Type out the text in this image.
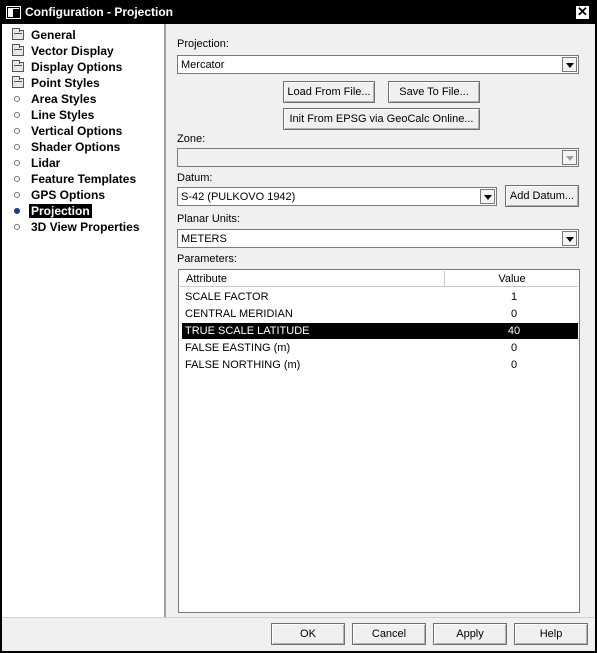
Configuration - Projection	✕
General
Vector Display
Display Options
Point Styles
Area Styles
Line Styles
Vertical Options
Shader Options
Lidar
Feature Templates
GPS Options
Projection
3D View Properties
Projection:
Mercator
Load From File...	Save To File...
Init From EPSG via GeoCalc Online...
Zone:
Datum:
S-42 (PULKOVO 1942)	Add Datum...
Planar Units:
METERS
Parameters:
Attribute	Value
SCALE FACTOR	1
CENTRAL MERIDIAN	0
TRUE SCALE LATITUDE	40
FALSE EASTING (m)	0
FALSE NORTHING (m)	0
OK	Cancel	Apply	Help
